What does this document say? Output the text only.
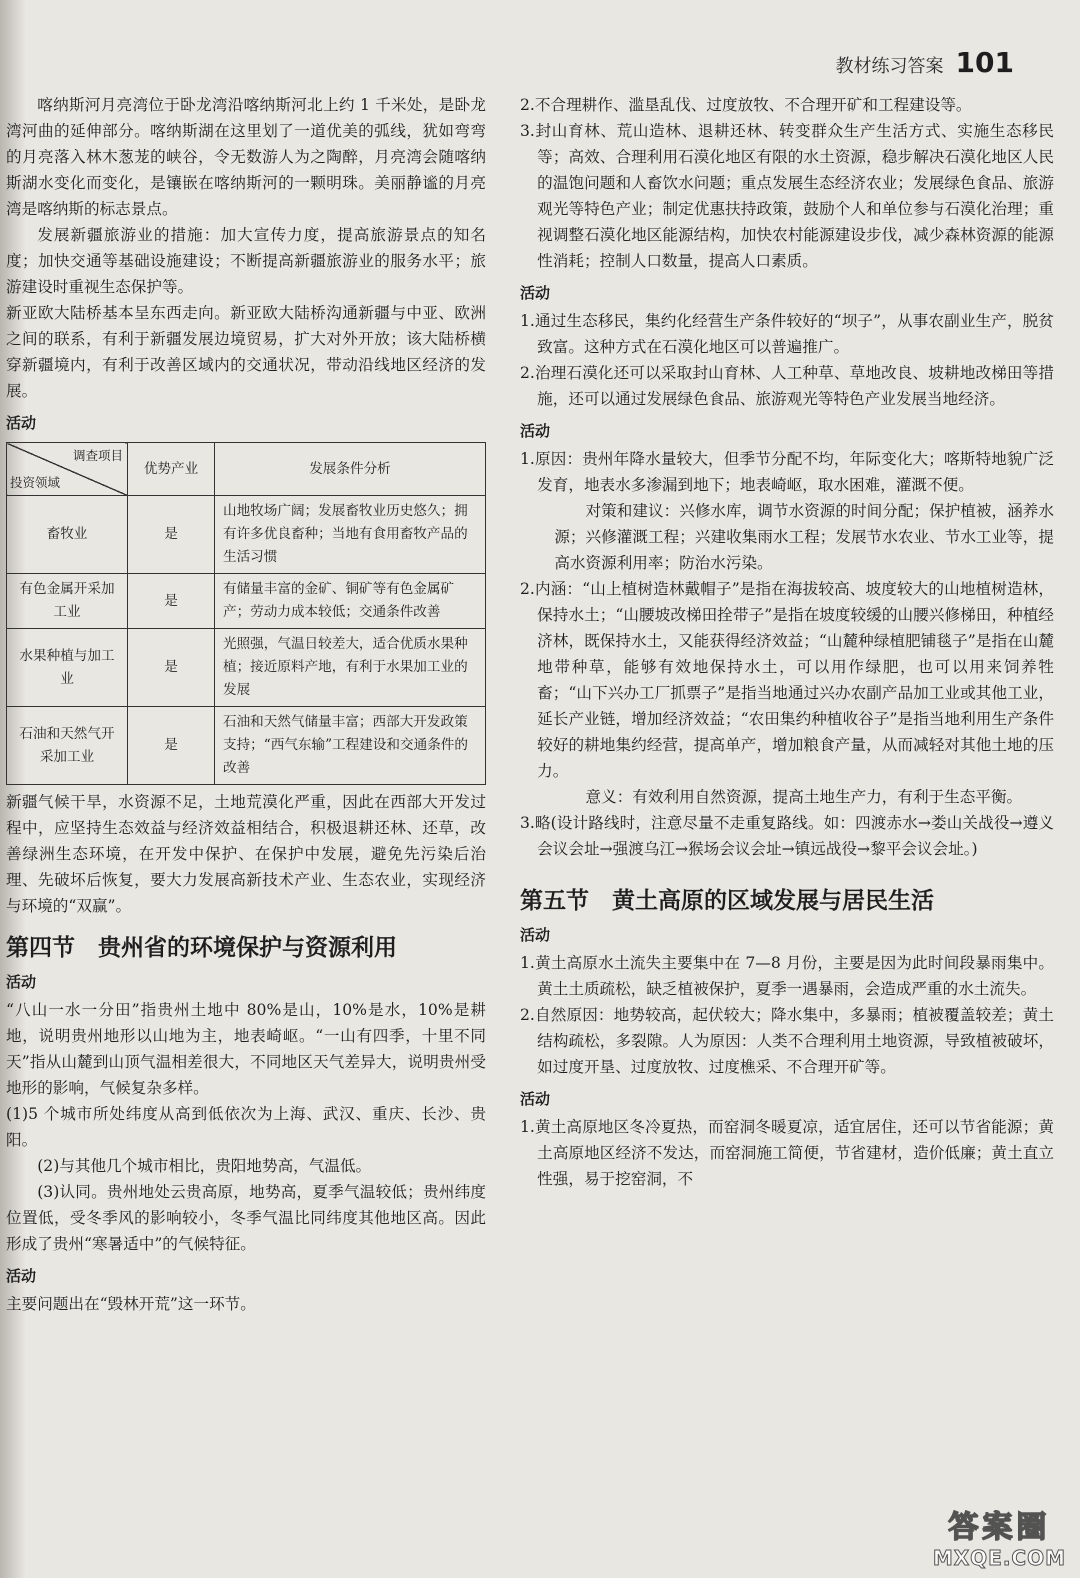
教材练习答案 101

喀纳斯河月亮湾位于卧龙湾沿喀纳斯河北上约 1 千米处，是卧龙湾河曲的延伸部分。喀纳斯湖在这里划了一道优美的弧线，犹如弯弯的月亮落入林木葱茏的峡谷，令无数游人为之陶醉，月亮湾会随喀纳斯湖水变化而变化，是镶嵌在喀纳斯河的一颗明珠。美丽静谧的月亮湾是喀纳斯的标志景点。

发展新疆旅游业的措施：加大宣传力度，提高旅游景点的知名度；加快交通等基础设施建设；不断提高新疆旅游业的服务水平；旅游建设时重视生态保护等。

新亚欧大陆桥基本呈东西走向。新亚欧大陆桥沟通新疆与中亚、欧洲之间的联系，有利于新疆发展边境贸易，扩大对外开放；该大陆桥横穿新疆境内，有利于改善区域内的交通状况，带动沿线地区经济的发展。

活动
调查项目
投资领域	优势产业	发展条件分析
畜牧业	是	山地牧场广阔；发展畜牧业历史悠久；拥有许多优良畜种；当地有食用畜牧产品的生活习惯
有色金属开采加工业	是	有储量丰富的金矿、铜矿等有色金属矿产；劳动力成本较低；交通条件改善
水果种植与加工业	是	光照强，气温日较差大，适合优质水果种植；接近原料产地，有利于水果加工业的发展
石油和天然气开采加工业	是	石油和天然气储量丰富；西部大开发政策支持；“西气东输”工程建设和交通条件的改善

新疆气候干旱，水资源不足，土地荒漠化严重，因此在西部大开发过程中，应坚持生态效益与经济效益相结合，积极退耕还林、还草，改善绿洲生态环境，在开发中保护、在保护中发展，避免先污染后治理、先破坏后恢复，要大力发展高新技术产业、生态农业，实现经济与环境的“双赢”。

第四节　贵州省的环境保护与资源利用
活动

“八山一水一分田”指贵州土地中 80%是山，10%是水，10%是耕地，说明贵州地形以山地为主，地表崎岖。“一山有四季，十里不同天”指从山麓到山顶气温相差很大，不同地区天气差异大，说明贵州受地形的影响，气候复杂多样。

(1)5 个城市所处纬度从高到低依次为上海、武汉、重庆、长沙、贵阳。

(2)与其他几个城市相比，贵阳地势高，气温低。

(3)认同。贵州地处云贵高原，地势高，夏季气温较低；贵州纬度位置低，受冬季风的影响较小，冬季气温比同纬度其他地区高。因此形成了贵州“寒暑适中”的气候特征。

活动

主要问题出在“毁林开荒”这一环节。

2.不合理耕作、滥垦乱伐、过度放牧、不合理开矿和工程建设等。

3.封山育林、荒山造林、退耕还林、转变群众生产生活方式、实施生态移民等；高效、合理利用石漠化地区有限的水土资源，稳步解决石漠化地区人民的温饱问题和人畜饮水问题；重点发展生态经济农业；发展绿色食品、旅游观光等特色产业；制定优惠扶持政策，鼓励个人和单位参与石漠化治理；重视调整石漠化地区能源结构，加快农村能源建设步伐，减少森林资源的能源性消耗；控制人口数量，提高人口素质。

活动

1.通过生态移民，集约化经营生产条件较好的“坝子”，从事农副业生产，脱贫致富。这种方式在石漠化地区可以普遍推广。

2.治理石漠化还可以采取封山育林、人工种草、草地改良、坡耕地改梯田等措施，还可以通过发展绿色食品、旅游观光等特色产业发展当地经济。

活动

1.原因：贵州年降水量较大，但季节分配不均，年际变化大；喀斯特地貌广泛发育，地表水多渗漏到地下；地表崎岖，取水困难，灌溉不便。

对策和建议：兴修水库，调节水资源的时间分配；保护植被，涵养水源；兴修灌溉工程；兴建收集雨水工程；发展节水农业、节水工业等，提高水资源利用率；防治水污染。

2.内涵：“山上植树造林戴帽子”是指在海拔较高、坡度较大的山地植树造林，保持水土；“山腰坡改梯田拴带子”是指在坡度较缓的山腰兴修梯田，种植经济林，既保持水土，又能获得经济效益；“山麓种绿植肥铺毯子”是指在山麓地带种草，能够有效地保持水土，可以用作绿肥，也可以用来饲养牲畜；“山下兴办工厂抓票子”是指当地通过兴办农副产品加工业或其他工业，延长产业链，增加经济效益；“农田集约种植收谷子”是指当地利用生产条件较好的耕地集约经营，提高单产，增加粮食产量，从而减轻对其他土地的压力。

意义：有效利用自然资源，提高土地生产力，有利于生态平衡。

3.略(设计路线时，注意尽量不走重复路线。如：四渡赤水→娄山关战役→遵义会议会址→强渡乌江→猴场会议会址→镇远战役→黎平会议会址。)

第五节　黄土高原的区域发展与居民生活
活动

1.黄土高原水土流失主要集中在 7—8 月份，主要是因为此时间段暴雨集中。黄土土质疏松，缺乏植被保护，夏季一遇暴雨，会造成严重的水土流失。

2.自然原因：地势较高，起伏较大；降水集中，多暴雨；植被覆盖较差；黄土结构疏松，多裂隙。人为原因：人类不合理利用土地资源，导致植被破坏，如过度开垦、过度放牧、过度樵采、不合理开矿等。

活动

1.黄土高原地区冬冷夏热，而窑洞冬暖夏凉，适宜居住，还可以节省能源；黄土高原地区经济不发达，而窑洞施工简便，节省建材，造价低廉；黄土直立性强，易于挖窑洞，不

答案圈
MXQE.COM
